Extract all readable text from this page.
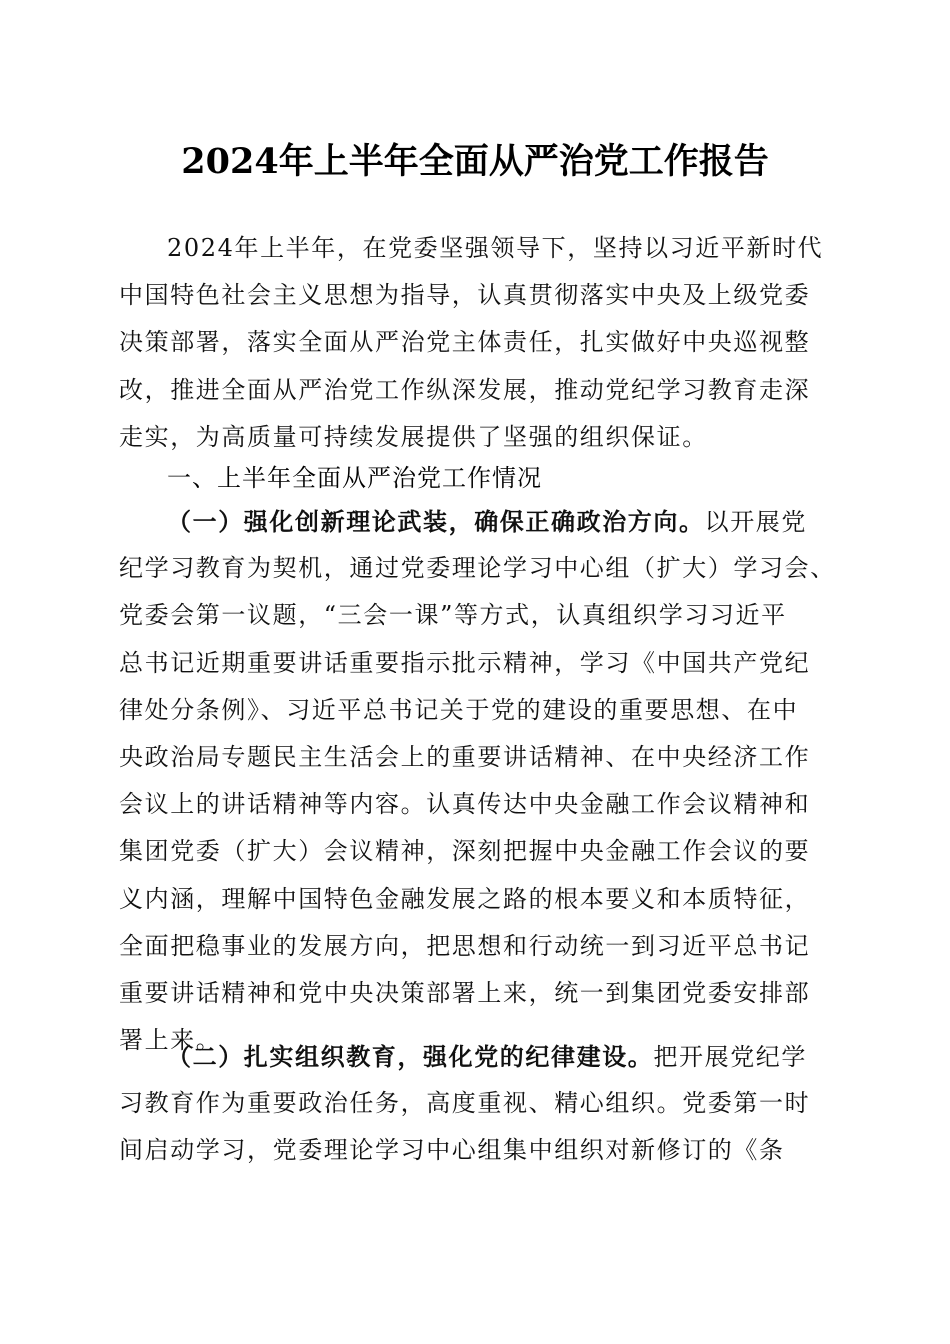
2024年上半年全面从严治党工作报告
2024年上半年，在党委坚强领导下，坚持以习近平新时代
中国特色社会主义思想为指导，认真贯彻落实中央及上级党委
决策部署，落实全面从严治党主体责任，扎实做好中央巡视整
改，推进全面从严治党工作纵深发展，推动党纪学习教育走深
走实，为高质量可持续发展提供了坚强的组织保证。
一、上半年全面从严治党工作情况
（一）强化创新理论武装，确保正确政治方向。以开展党
纪学习教育为契机，通过党委理论学习中心组（扩大）学习会、
党委会第一议题，“三会一课”等方式，认真组织学习习近平
总书记近期重要讲话重要指示批示精神，学习《中国共产党纪
律处分条例》、习近平总书记关于党的建设的重要思想、在中
央政治局专题民主生活会上的重要讲话精神、在中央经济工作
会议上的讲话精神等内容。认真传达中央金融工作会议精神和
集团党委（扩大）会议精神，深刻把握中央金融工作会议的要
义内涵，理解中国特色金融发展之路的根本要义和本质特征，
全面把稳事业的发展方向，把思想和行动统一到习近平总书记
重要讲话精神和党中央决策部署上来，统一到集团党委安排部
署上来。
（二）扎实组织教育，强化党的纪律建设。把开展党纪学
习教育作为重要政治任务，高度重视、精心组织。党委第一时
间启动学习，党委理论学习中心组集中组织对新修订的《条
